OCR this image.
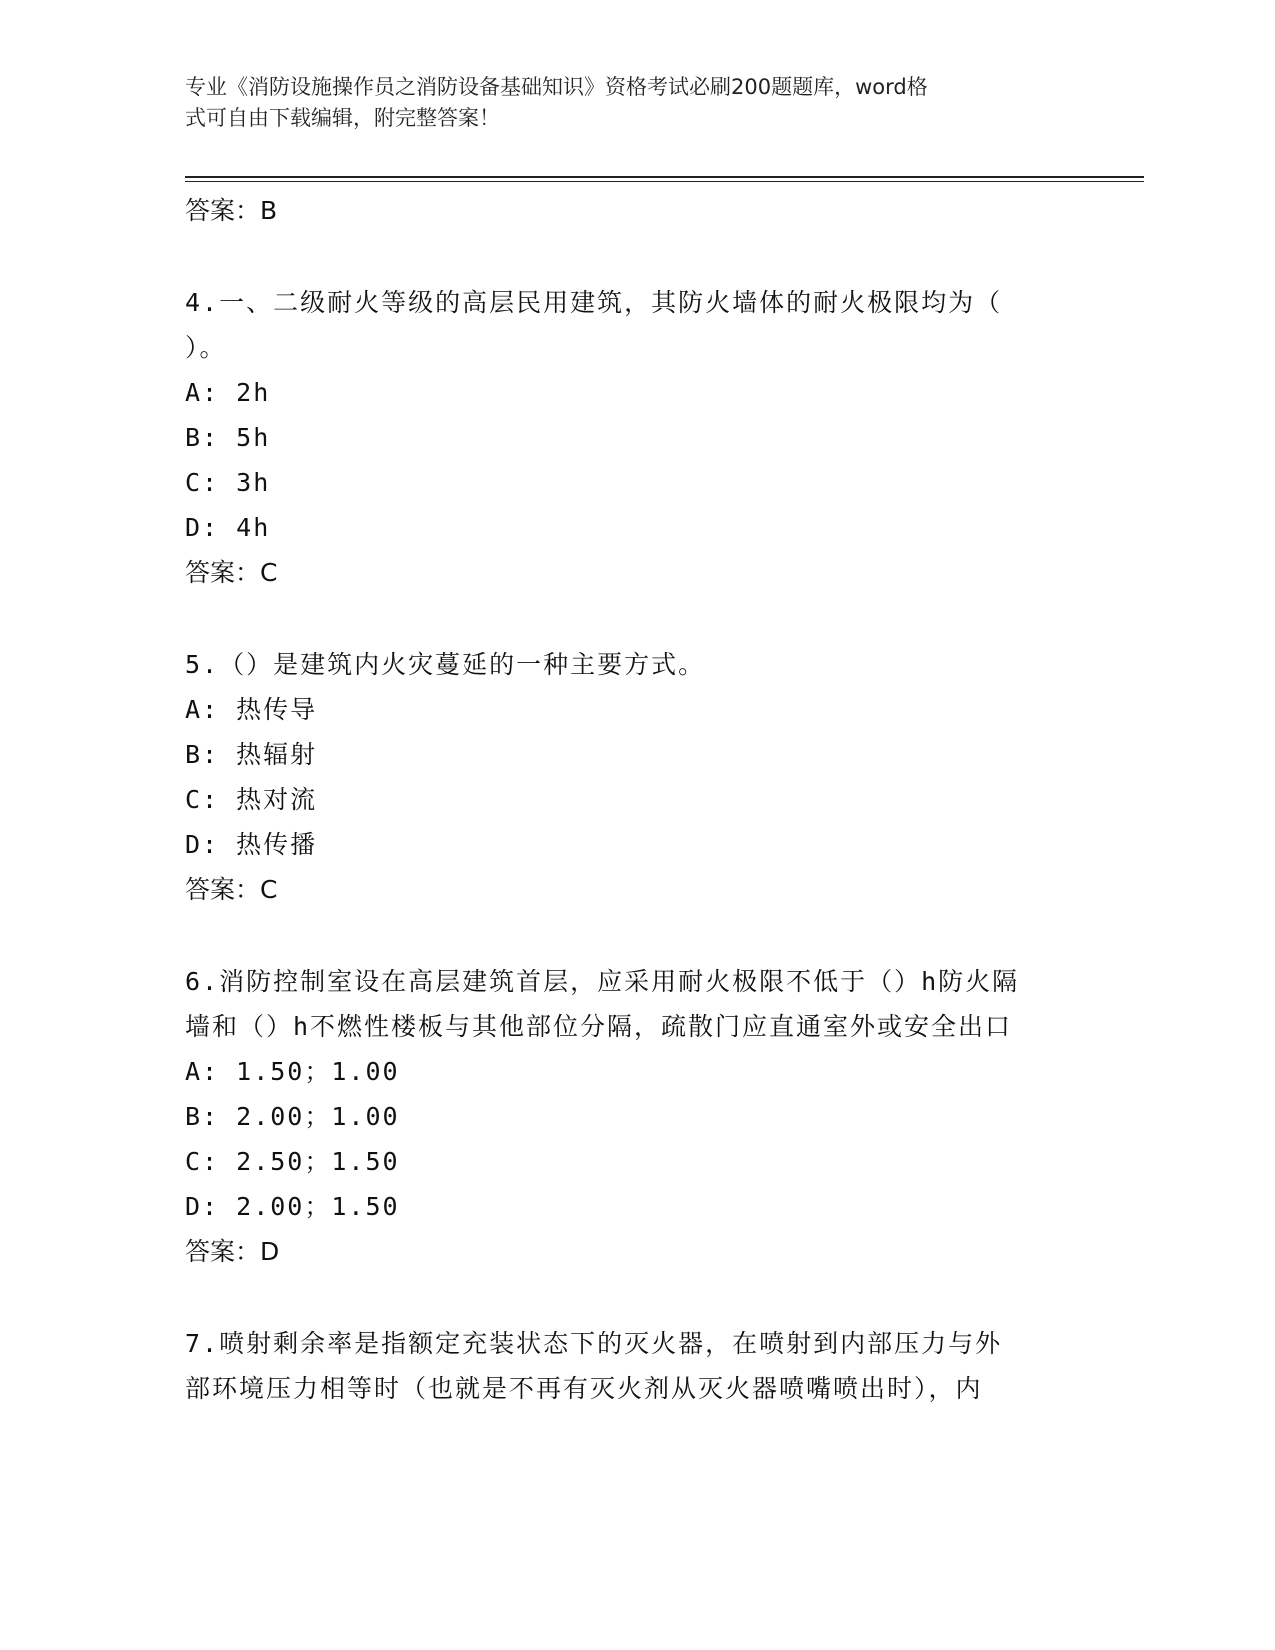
专业《消防设施操作员之消防设备基础知识》资格考试必刷200题题库，word格
式可自由下载编辑，附完整答案！
答案：B
4.一、二级耐火等级的高层民用建筑，其防火墙体的耐火极限均为（
）。
A: 2h
B: 5h
C: 3h
D: 4h
答案：C
5.（）是建筑内火灾蔓延的一种主要方式。
A: 热传导
B: 热辐射
C: 热对流
D: 热传播
答案：C
6.消防控制室设在高层建筑首层，应采用耐火极限不低于（）h防火隔
墙和（）h不燃性楼板与其他部位分隔，疏散门应直通室外或安全出口
A: 1.50；1.00
B: 2.00；1.00
C: 2.50；1.50
D: 2.00；1.50
答案：D
7.喷射剩余率是指额定充装状态下的灭火器，在喷射到内部压力与外
部环境压力相等时（也就是不再有灭火剂从灭火器喷嘴喷出时），内
